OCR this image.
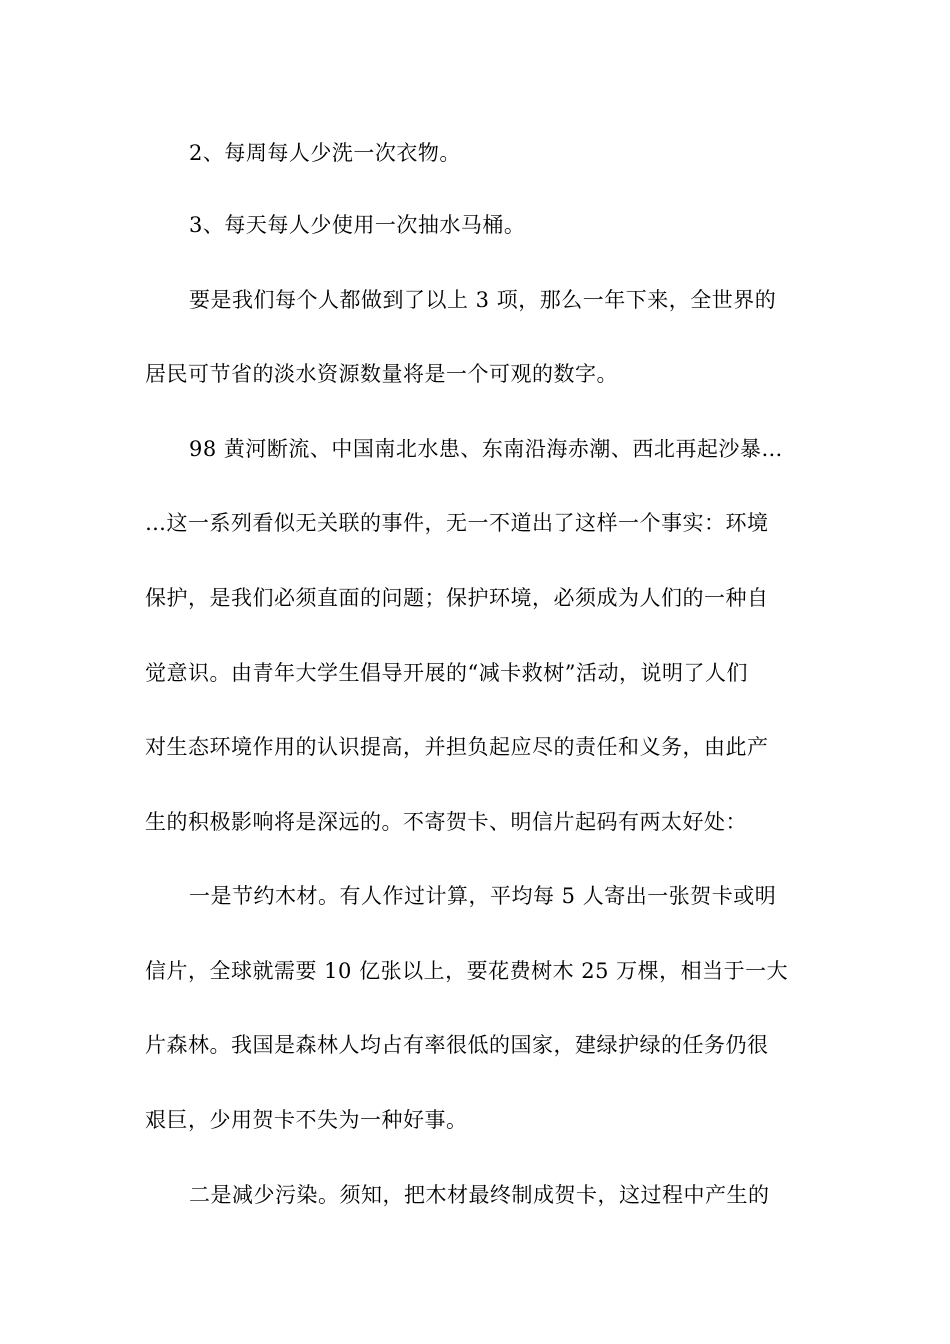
2、每周每人少洗一次衣物。
3、每天每人少使用一次抽水马桶。
要是我们每个人都做到了以上 3 项，那么一年下来，全世界的
居民可节省的淡水资源数量将是一个可观的数字。
98 黄河断流、中国南北水患、东南沿海赤潮、西北再起沙暴…
…这一系列看似无关联的事件，无一不道出了这样一个事实：环境
保护，是我们必须直面的问题；保护环境，必须成为人们的一种自
觉意识。由青年大学生倡导开展的“减卡救树”活动，说明了人们
对生态环境作用的认识提高，并担负起应尽的责任和义务，由此产
生的积极影响将是深远的。不寄贺卡、明信片起码有两太好处：
一是节约木材。有人作过计算，平均每 5 人寄出一张贺卡或明
信片，全球就需要 10 亿张以上，要花费树木 25 万棵，相当于一大
片森林。我国是森林人均占有率很低的国家，建绿护绿的任务仍很
艰巨，少用贺卡不失为一种好事。
二是减少污染。须知，把木材最终制成贺卡，这过程中产生的
